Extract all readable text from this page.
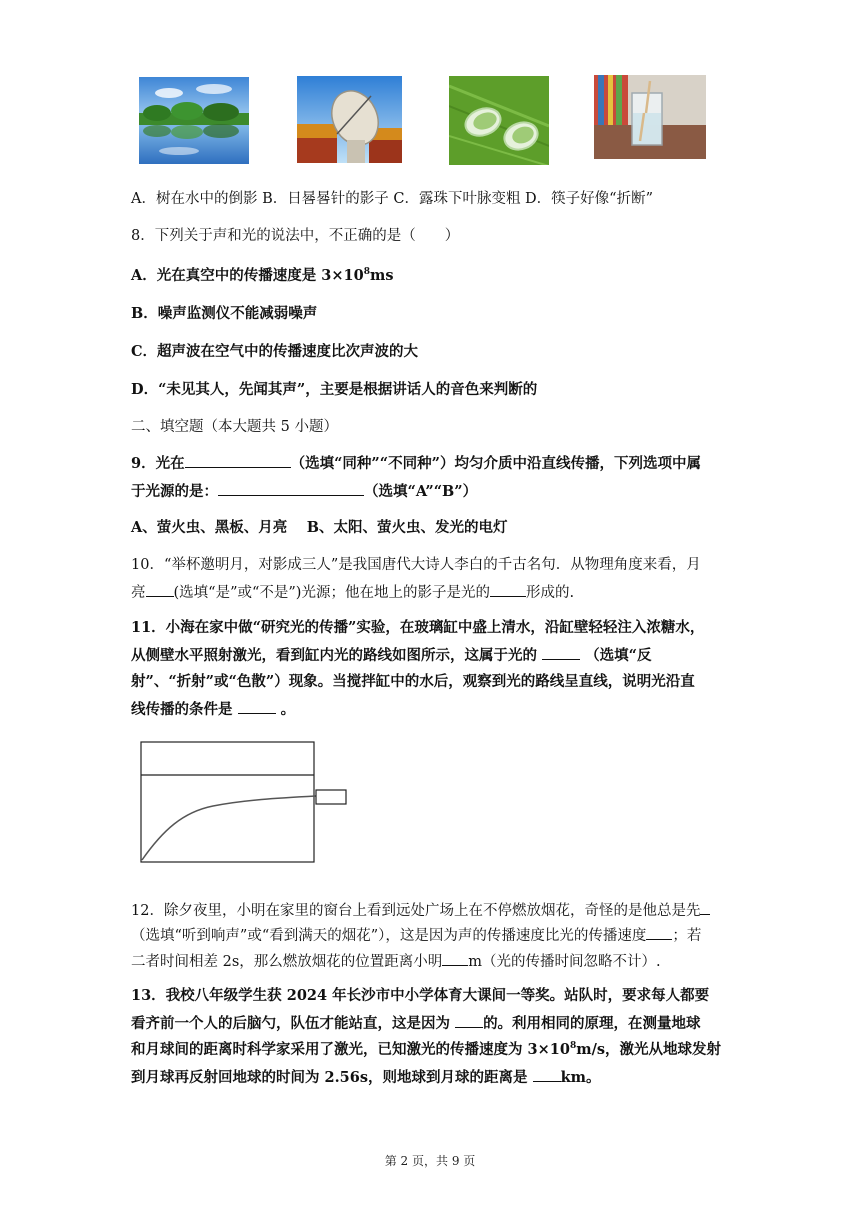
A．树在水中的倒影 B．日晷晷针的影子 C．露珠下叶脉变粗 D．筷子好像“折断”
8．下列关于声和光的说法中，不正确的是（　　）
A．光在真空中的传播速度是 $3\times 10^8ms$
B．噪声监测仪不能减弱噪声
C．超声波在空气中的传播速度比次声波的大
D．“未见其人，先闻其声”，主要是根据讲话人的音色来判断的
二、填空题（本大题共 5 小题）
9．光在	（选填“同种”“不同种”）均匀介质中沿直线传播，下列选项中属
于光源的是：	（选填“A”“B”）
A、萤火虫、黑板、月亮　 B、太阳、萤火虫、发光的电灯
10．“举杯邀明月，对影成三人”是我国唐代大诗人李白的千古名句．从物理角度来看，月
亮 (选填“是”或“不是”)光源；他在地上的影子是光的 形成的.
11．小海在家中做“研究光的传播”实验，在玻璃缸中盛上清水，沿缸壁轻轻注入浓糖水，
从侧壁水平照射激光，看到缸内光的路线如图所示，这属于光的	（选填“反
射”、“折射”或“色散”）现象。当搅拌缸中的水后，观察到光的路线呈直线，说明光沿直
线传播的条件是	。
12．除夕夜里，小明在家里的窗台上看到远处广场上在不停燃放烟花，奇怪的是他总是先
（选填“听到响声”或“看到满天的烟花”），这是因为声的传播速度比光的传播速度 ；若
二者时间相差 2s，那么燃放烟花的位置距离小明 m（光的传播时间忽略不计）.
13．我校八年级学生获 2024 年长沙市中小学体育大课间一等奖。站队时，要求每人都要
看齐前一个人的后脑勺，队伍才能站直，这是因为 的。利用相同的原理，在测量地球
和月球间的距离时科学家采用了激光，已知激光的传播速度为 $3\times 10^8m/s$，激光从地球发射
到月球再反射回地球的时间为 2.56s，则地球到月球的距离是 km。
第 2 页，共 9 页
